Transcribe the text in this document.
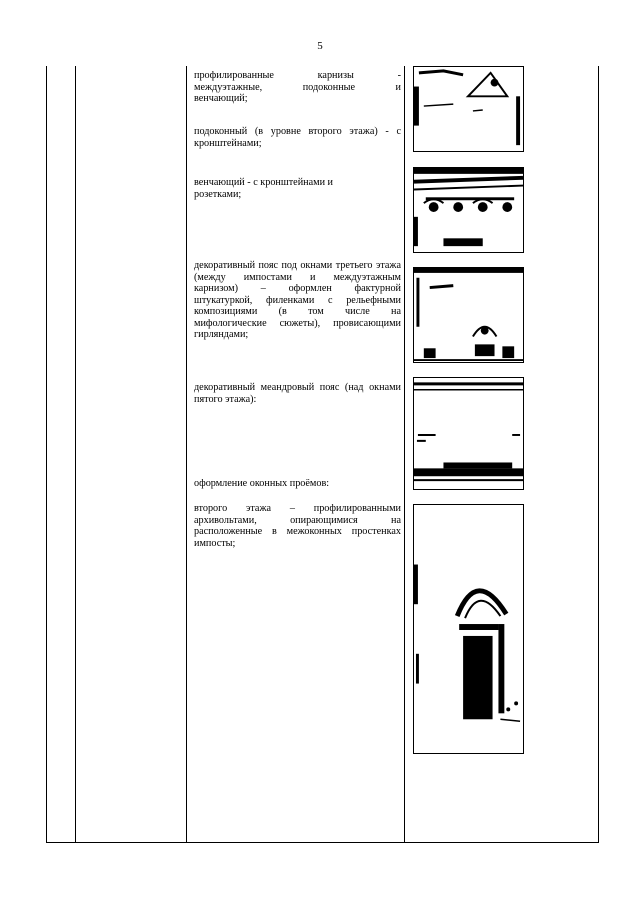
5
профилированные	карнизы	-
междуэтажные,	подоконные	и
венчающий;
подоконный (в уровне второго этажа) - с кронштейнами;
венчающий - с кронштейнами и
розетками;
декоративный пояс под окнами третьего этажа (между импостами и междуэтажным карнизом) – оформлен фактурной штукатуркой, филенками с рельефными композициями (в том числе на мифологические сюжеты), провисающими гирляндами;
декоративный меандровый пояс (над окнами пятого этажа):
оформление оконных проёмов:
второго этажа – профилированными архивольтами, опирающимися на расположенные в межоконных простенках импосты;
